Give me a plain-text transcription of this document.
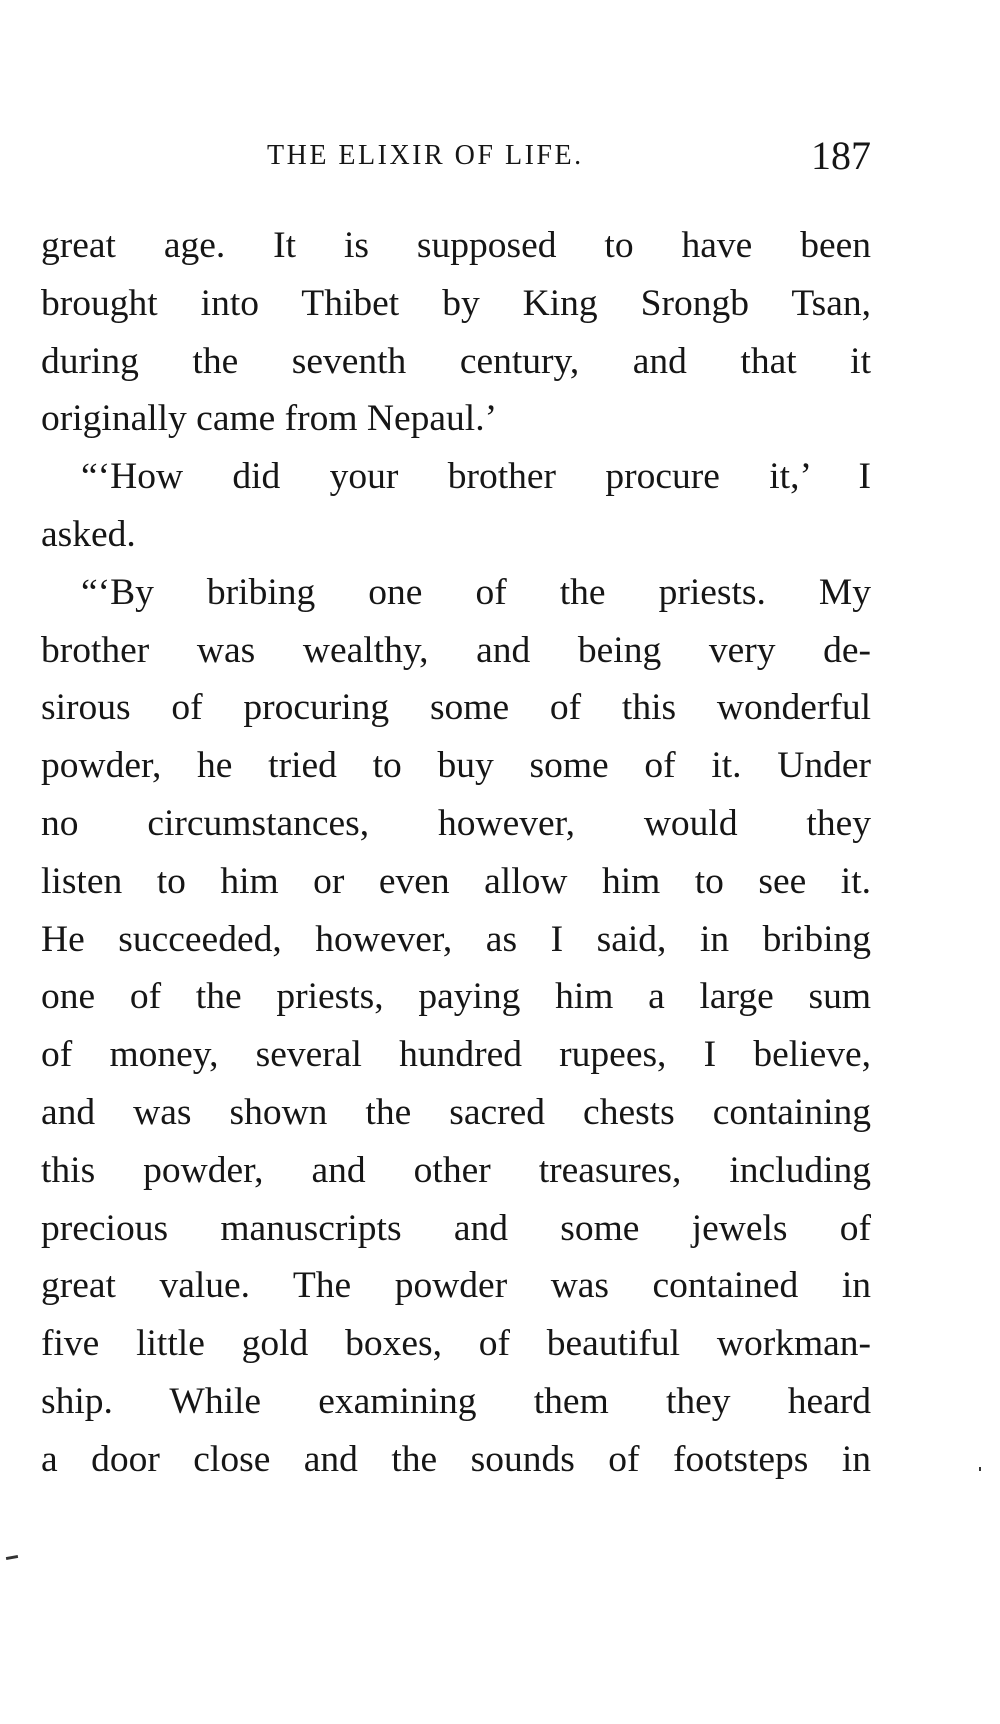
THE ELIXIR OF LIFE.	187
great age. It is supposed to have been
brought into Thibet by King Srongb Tsan,
during the seventh century, and that it
originally came from Nepaul.’
“‘How did your brother procure it,’ I
asked.
“‘By bribing one of the priests. My
brother was wealthy, and being very de-
sirous of procuring some of this wonderful
powder, he tried to buy some of it. Under
no circumstances, however, would they
listen to him or even allow him to see it.
He succeeded, however, as I said, in bribing
one of the priests, paying him a large sum
of money, several hundred rupees, I believe,
and was shown the sacred chests containing
this powder, and other treasures, including
precious manuscripts and some jewels of
great value. The powder was contained in
five little gold boxes, of beautiful workman-
ship. While examining them they heard
a door close and the sounds of footsteps in
